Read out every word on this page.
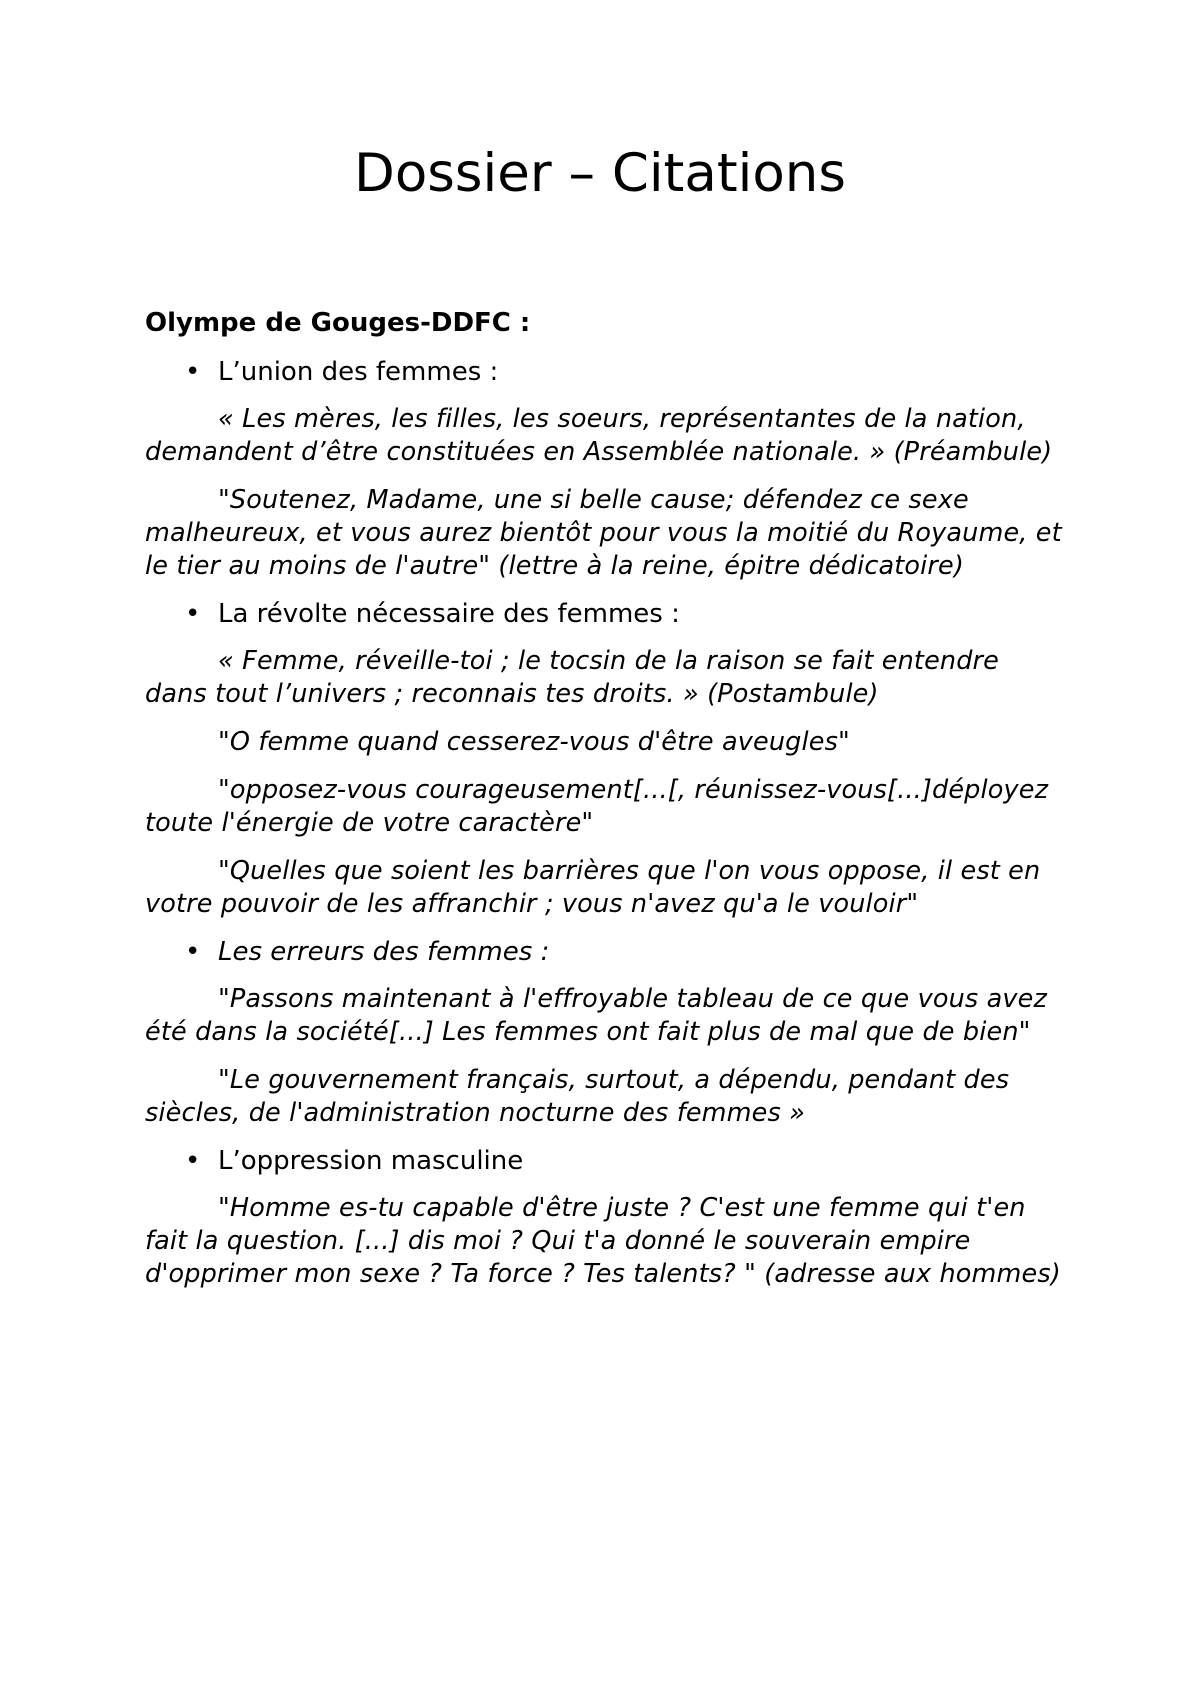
Dossier – Citations
Olympe de Gouges-DDFC :

• L’union des femmes :

« Les mères, les filles, les soeurs, représentantes de la nation, demandent d’être constituées en Assemblée nationale. » (Préambule)

"Soutenez, Madame, une si belle cause; défendez ce sexe malheureux, et vous aurez bientôt pour vous la moitié du Royaume, et le tier au moins de l'autre" (lettre à la reine, épitre dédicatoire)

• La révolte nécessaire des femmes :

« Femme, réveille-toi ; le tocsin de la raison se fait entendre dans tout l’univers ; reconnais tes droits. » (Postambule)

"O femme quand cesserez-vous d'être aveugles"

"opposez-vous courageusement[...[, réunissez-vous[...]déployez toute l'énergie de votre caractère"

"Quelles que soient les barrières que l'on vous oppose, il est en votre pouvoir de les affranchir ; vous n'avez qu'a le vouloir"

• Les erreurs des femmes :

"Passons maintenant à l'effroyable tableau de ce que vous avez été dans la société[...] Les femmes ont fait plus de mal que de bien"

"Le gouvernement français, surtout, a dépendu, pendant des siècles, de l'administration nocturne des femmes »

• L’oppression masculine

"Homme es-tu capable d'être juste ? C'est une femme qui t'en fait la question. [...] dis moi ? Qui t'a donné le souverain empire d'opprimer mon sexe ? Ta force ? Tes talents? " (adresse aux hommes)
